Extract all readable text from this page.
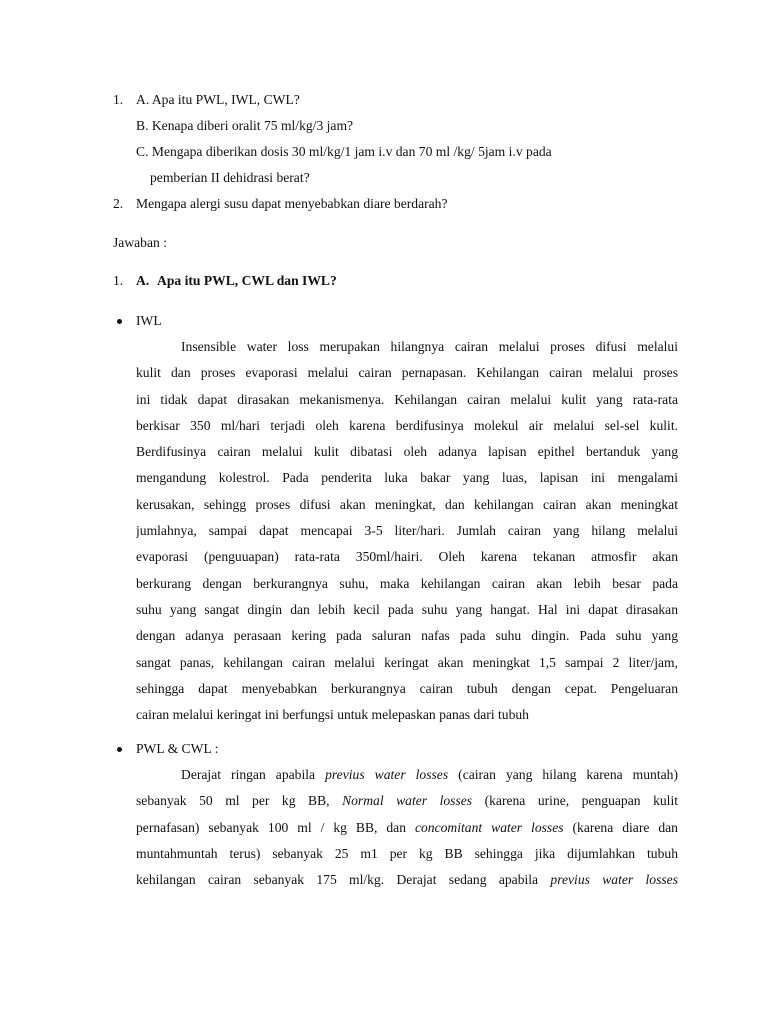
1. A. Apa itu PWL, IWL, CWL?
B. Kenapa diberi oralit 75 ml/kg/3 jam?
C. Mengapa diberikan dosis 30 ml/kg/1 jam i.v dan 70 ml /kg/ 5jam i.v pada
pemberian II dehidrasi berat?
2. Mengapa alergi susu dapat menyebabkan diare berdarah?
Jawaban :
1. A. Apa itu PWL, CWL dan IWL?
IWL
Insensible water loss merupakan hilangnya cairan melalui proses difusi melalui
kulit dan proses evaporasi melalui cairan pernapasan. Kehilangan cairan melalui proses
ini tidak dapat dirasakan mekanismenya. Kehilangan cairan melalui kulit yang rata-rata
berkisar 350 ml/hari terjadi oleh karena berdifusinya molekul air melalui sel-sel kulit.
Berdifusinya cairan melalui kulit dibatasi oleh adanya lapisan epithel bertanduk yang
mengandung kolestrol. Pada penderita luka bakar yang luas, lapisan ini mengalami
kerusakan, sehingg proses difusi akan meningkat, dan kehilangan cairan akan meningkat
jumlahnya, sampai dapat mencapai 3-5 liter/hari. Jumlah cairan yang hilang melalui
evaporasi (penguuapan) rata-rata 350ml/hairi. Oleh karena tekanan atmosfir akan
berkurang dengan berkurangnya suhu, maka kehilangan cairan akan lebih besar pada
suhu yang sangat dingin dan lebih kecil pada suhu yang hangat. Hal ini dapat dirasakan
dengan adanya perasaan kering pada saluran nafas pada suhu dingin. Pada suhu yang
sangat panas, kehilangan cairan melalui keringat akan meningkat 1,5 sampai 2 liter/jam,
sehingga dapat menyebabkan berkurangnya cairan tubuh dengan cepat. Pengeluaran
cairan melalui keringat ini berfungsi untuk melepaskan panas dari tubuh
PWL & CWL :
Derajat ringan apabila previus water losses (cairan yang hilang karena muntah)
sebanyak 50 ml per kg BB, Normal water losses (karena urine, penguapan kulit
pernafasan) sebanyak 100 ml / kg BB, dan concomitant water losses (karena diare dan
muntahmuntah terus) sebanyak 25 m1 per kg BB sehingga jika dijumlahkan tubuh
kehilangan cairan sebanyak 175 ml/kg. Derajat sedang apabila previus water losses
